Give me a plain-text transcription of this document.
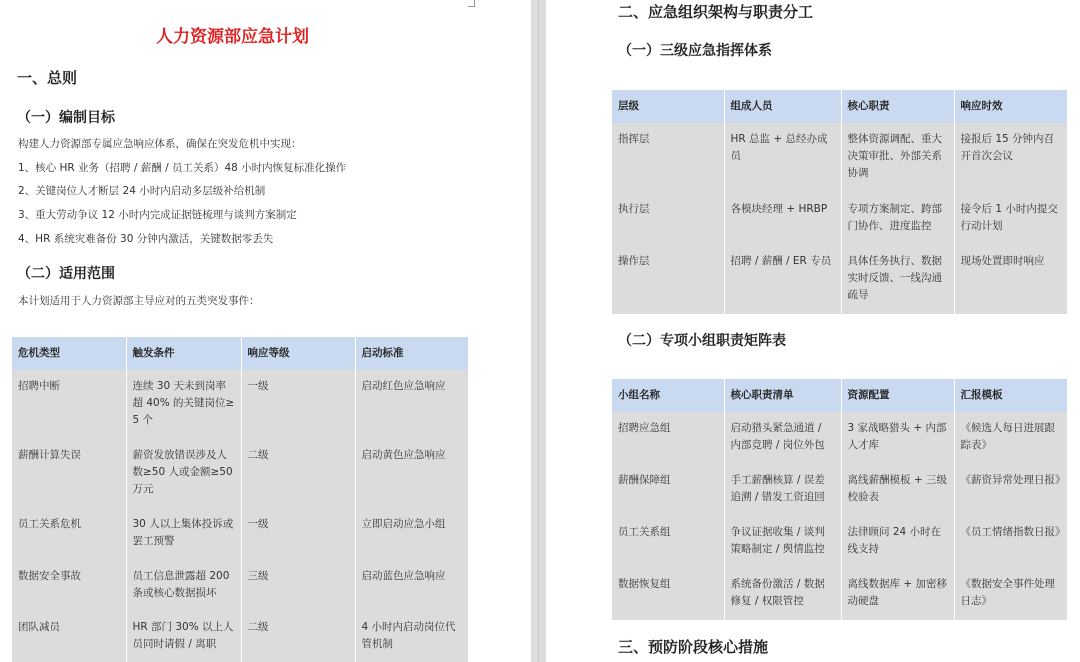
人力资源部应急计划
一、总则
（一）编制目标
构建人力资源部专属应急响应体系，确保在突发危机中实现：
1、核心 HR 业务（招聘 / 薪酬 / 员工关系）48 小时内恢复标准化操作
2、关键岗位人才断层 24 小时内启动多层级补给机制
3、重大劳动争议 12 小时内完成证据链梳理与谈判方案制定
4、HR 系统灾难备份 30 分钟内激活，关键数据零丢失
（二）适用范围
本计划适用于人力资源部主导应对的五类突发事件：
危机类型	触发条件	响应等级	启动标准
招聘中断	连续 30 天未到岗率超 40% 的关键岗位≥5 个	一级	启动红色应急响应
薪酬计算失误	薪资发放错误涉及人数≥50 人或金额≥50万元	二级	启动黄色应急响应
员工关系危机	30 人以上集体投诉或罢工预警	一级	立即启动应急小组
数据安全事故	员工信息泄露超 200 条或核心数据损坏	三级	启动蓝色应急响应
团队减员	HR 部门 30% 以上人员同时请假 / 离职	二级	4 小时内启动岗位代管机制
二、应急组织架构与职责分工
（一）三级应急指挥体系
层级	组成人员	核心职责	响应时效
指挥层	HR 总监 + 总经办成员	整体资源调配、重大决策审批、外部关系协调	接报后 15 分钟内召开首次会议
执行层	各模块经理 + HRBP	专项方案制定、跨部门协作、进度监控	接令后 1 小时内提交行动计划
操作层	招聘 / 薪酬 / ER 专员	具体任务执行、数据实时反馈、一线沟通疏导	现场处置即时响应
（二）专项小组职责矩阵表
小组名称	核心职责清单	资源配置	汇报模板
招聘应急组	启动猎头紧急通道 / 内部竞聘 / 岗位外包	3 家战略猎头 + 内部人才库	《候选人每日进展跟踪表》
薪酬保障组	手工薪酬核算 / 误差追溯 / 错发工资追回	离线薪酬模板 + 三级校验表	《薪资异常处理日报》
员工关系组	争议证据收集 / 谈判策略制定 / 舆情监控	法律顾问 24 小时在线支持	《员工情绪指数日报》
数据恢复组	系统备份激活 / 数据修复 / 权限管控	离线数据库 + 加密移动硬盘	《数据安全事件处理日志》
三、预防阶段核心措施
